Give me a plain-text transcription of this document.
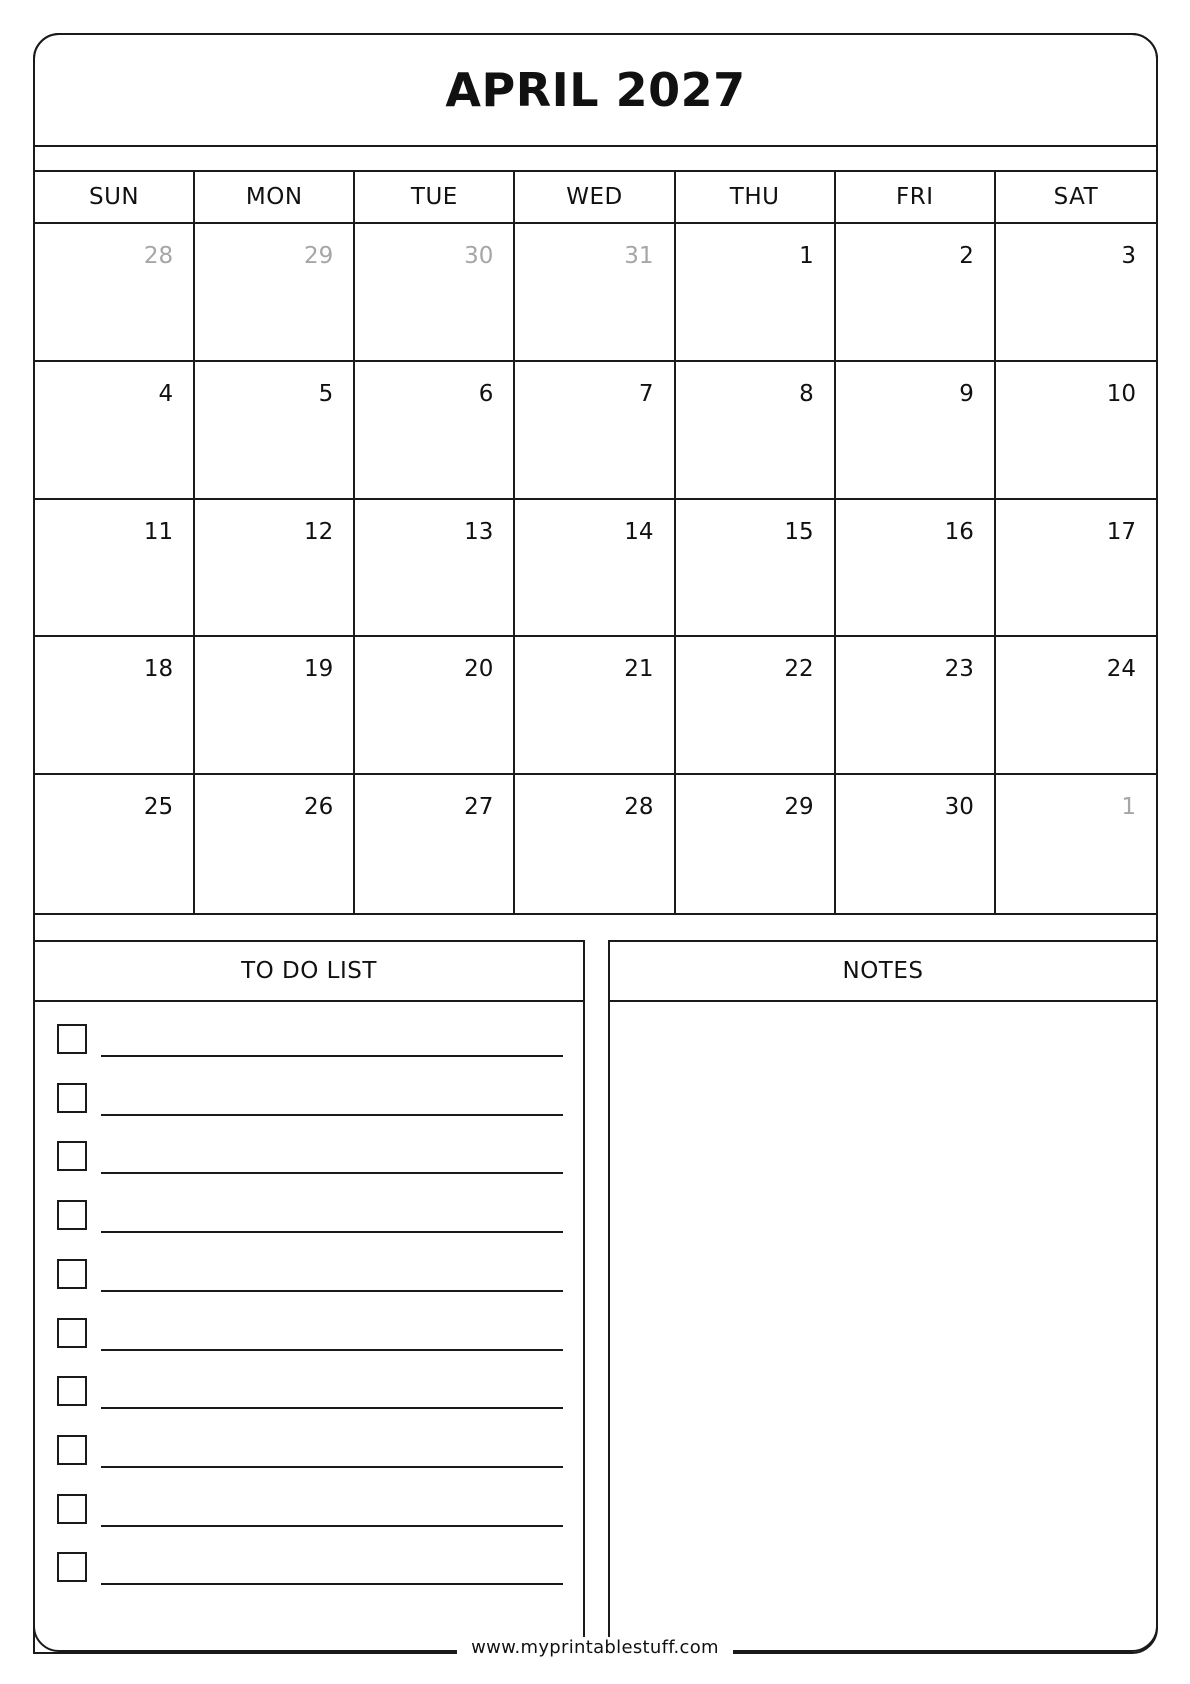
APRIL 2027
SUN	MON	TUE	WED	THU	FRI	SAT
28	29	30	31	1	2	3
4	5	6	7	8	9	10
11	12	13	14	15	16	17
18	19	20	21	22	23	24
25	26	27	28	29	30	1
TO DO LIST	NOTES
www.myprintablestuff.com
